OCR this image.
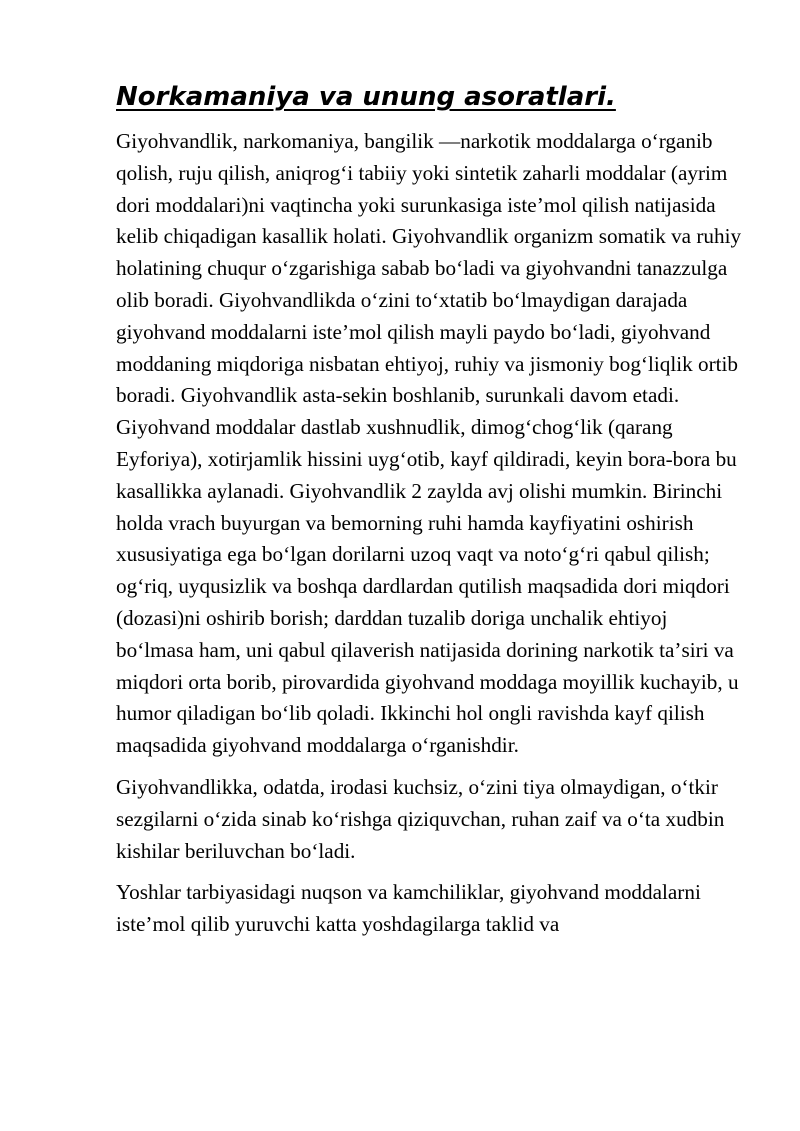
Norkamaniya va unung asoratlari.

Giyohvandlik, narkomaniya, bangilik —narkotik moddalarga oʻrganib qolish, ruju qilish, aniqrogʻi tabiiy yoki sintetik zaharli moddalar (ayrim dori moddalari)ni vaqtincha yoki surunkasiga isteʼmol qilish natijasida kelib chiqadigan kasallik holati. Giyohvandlik organizm somatik va ruhiy holatining chuqur oʻzgarishiga sabab boʻladi va giyohvandni tanazzulga olib boradi. Giyohvandlikda oʻzini toʻxtatib boʻlmaydigan darajada giyohvand moddalarni isteʼmol qilish mayli paydo boʻladi, giyohvand moddaning miqdoriga nisbatan ehtiyoj, ruhiy va jismoniy bogʻliqlik ortib boradi. Giyohvandlik asta-sekin boshlanib, surunkali davom etadi. Giyohvand moddalar dastlab xushnudlik, dimogʻchogʻlik (qarang Eyforiya), xotirjamlik hissini uygʻotib, kayf qildiradi, keyin bora-bora bu kasallikka aylanadi. Giyohvandlik 2 zaylda avj olishi mumkin. Birinchi holda vrach buyurgan va bemorning ruhi hamda kayfiyatini oshirish xususiyatiga ega boʻlgan dorilarni uzoq vaqt va notoʻgʻri qabul qilish; ogʻriq, uyqusizlik va boshqa dardlardan qutilish maqsadida dori miqdori (dozasi)ni oshirib borish; darddan tuzalib doriga unchalik ehtiyoj boʻlmasa ham, uni qabul qilaverish natijasida dorining narkotik taʼsiri va miqdori orta borib, pirovardida giyohvand moddaga moyillik kuchayib, u humor qiladigan boʻlib qoladi. Ikkinchi hol ongli ravishda kayf qilish maqsadida giyohvand moddalarga oʻrganishdir.

Giyohvandlikka, odatda, irodasi kuchsiz, oʻzini tiya olmaydigan, oʻtkir sezgilarni oʻzida sinab koʻrishga qiziquvchan, ruhan zaif va oʻta xudbin kishilar beriluvchan boʻladi.

Yoshlar tarbiyasidagi nuqson va kamchiliklar, giyohvand moddalarni isteʼmol qilib yuruvchi katta yoshdagilarga taklid va
